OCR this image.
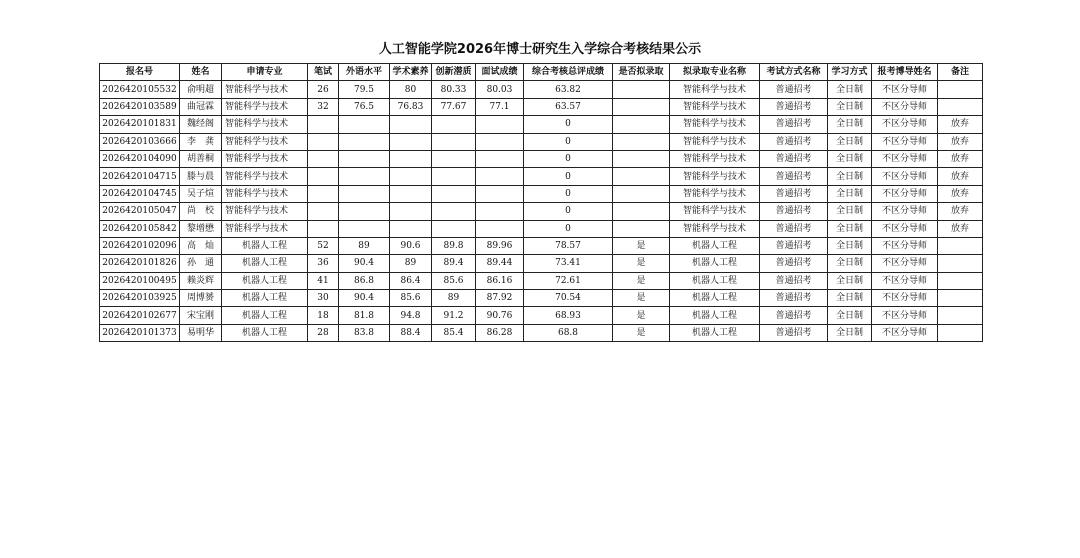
人工智能学院2026年博士研究生入学综合考核结果公示
报名号	姓名	申请专业	笔试	外语水平	学术素养	创新潜质	面试成绩	综合考核总评成绩	是否拟录取	拟录取专业名称	考试方式名称	学习方式	报考博导姓名	备注
2026420105532	俞明超	智能科学与技术	26	79.5	80	80.33	80.03	63.82		智能科学与技术	普通招考	全日制	不区分导师	
2026420103589	曲冠霖	智能科学与技术	32	76.5	76.83	77.67	77.1	63.57		智能科学与技术	普通招考	全日制	不区分导师	
2026420101831	魏经阁	智能科学与技术						0		智能科学与技术	普通招考	全日制	不区分导师	放弃
2026420103666	李　龚	智能科学与技术						0		智能科学与技术	普通招考	全日制	不区分导师	放弃
2026420104090	胡善桐	智能科学与技术						0		智能科学与技术	普通招考	全日制	不区分导师	放弃
2026420104715	滕与晨	智能科学与技术						0		智能科学与技术	普通招考	全日制	不区分导师	放弃
2026420104745	吴子煊	智能科学与技术						0		智能科学与技术	普通招考	全日制	不区分导师	放弃
2026420105047	尚　校	智能科学与技术						0		智能科学与技术	普通招考	全日制	不区分导师	放弃
2026420105842	黎增懋	智能科学与技术						0		智能科学与技术	普通招考	全日制	不区分导师	放弃
2026420102096	高　灿	机器人工程	52	89	90.6	89.8	89.96	78.57	是	机器人工程	普通招考	全日制	不区分导师	
2026420101826	孙　通	机器人工程	36	90.4	89	89.4	89.44	73.41	是	机器人工程	普通招考	全日制	不区分导师	
2026420100495	赖炎辉	机器人工程	41	86.8	86.4	85.6	86.16	72.61	是	机器人工程	普通招考	全日制	不区分导师	
2026420103925	周博赟	机器人工程	30	90.4	85.6	89	87.92	70.54	是	机器人工程	普通招考	全日制	不区分导师	
2026420102677	宋宝刚	机器人工程	18	81.8	94.8	91.2	90.76	68.93	是	机器人工程	普通招考	全日制	不区分导师	
2026420101373	易明华	机器人工程	28	83.8	88.4	85.4	86.28	68.8	是	机器人工程	普通招考	全日制	不区分导师	
